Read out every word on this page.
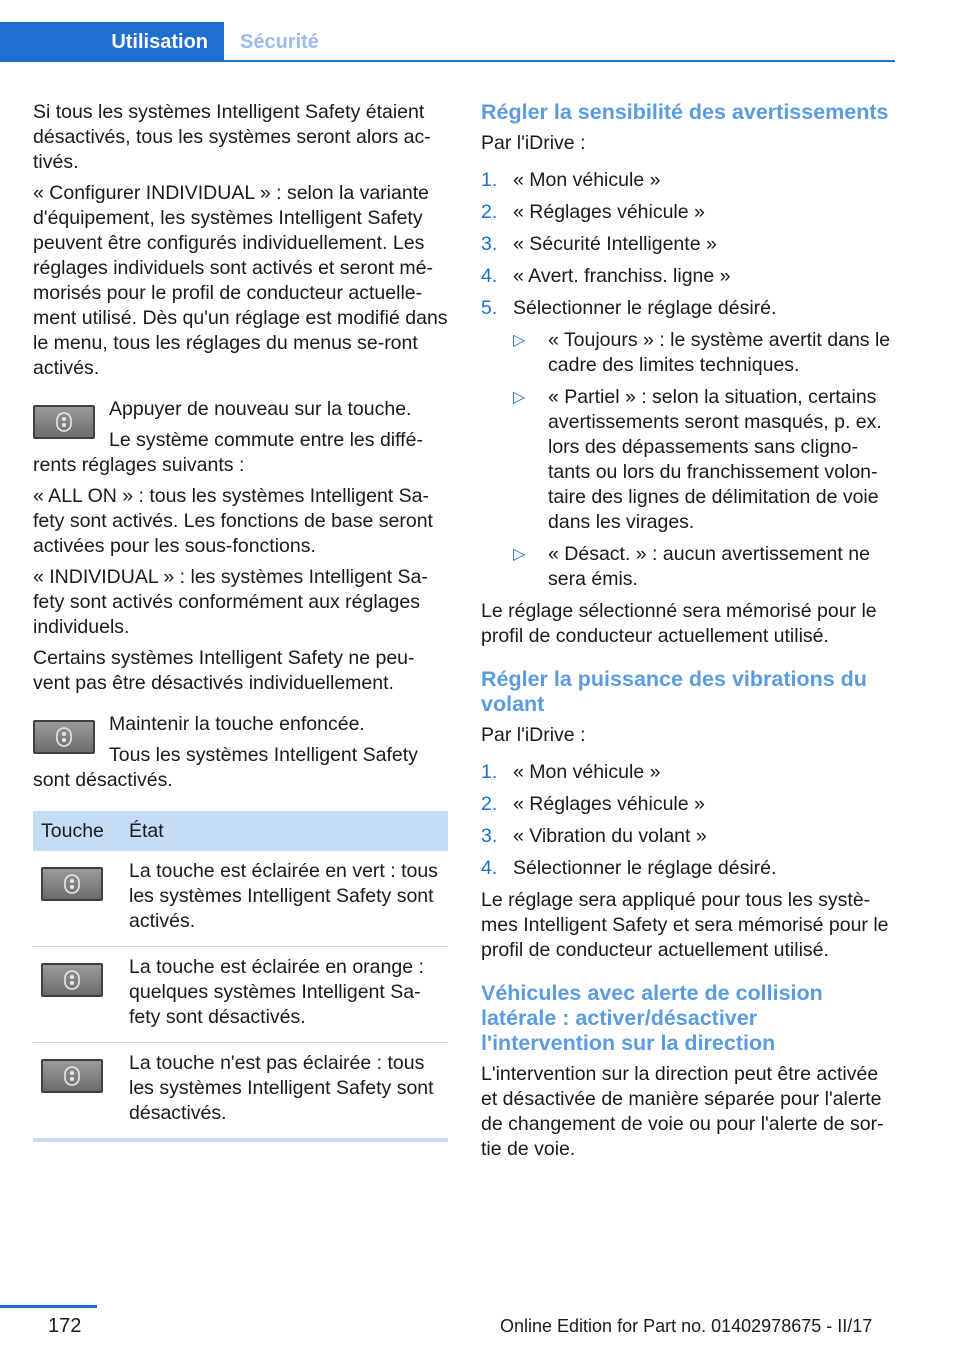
Utilisation	Sécurité

Si tous les systèmes Intelligent Safety étaient désactivés, tous les systèmes seront alors ac-tivés.

« Configurer INDIVIDUAL » : selon la variante d'équipement, les systèmes Intelligent Safety peuvent être configurés individuellement. Les réglages individuels sont activés et seront mé-morisés pour le profil de conducteur actuelle-ment utilisé. Dès qu'un réglage est modifié dans le menu, tous les réglages du menus se-ront activés.

Appuyer de nouveau sur la touche.

Le système commute entre les diffé-rents réglages suivants :

« ALL ON » : tous les systèmes Intelligent Sa-fety sont activés. Les fonctions de base seront activées pour les sous-fonctions.

« INDIVIDUAL » : les systèmes Intelligent Sa-fety sont activés conformément aux réglages individuels.

Certains systèmes Intelligent Safety ne peu-vent pas être désactivés individuellement.

Maintenir la touche enfoncée.

Tous les systèmes Intelligent Safety sont désactivés.

Touche	État

	La touche est éclairée en vert : tous les systèmes Intelligent Safety sont activés.

	La touche est éclairée en orange : quelques systèmes Intelligent Sa-fety sont désactivés.

	La touche n'est pas éclairée : tous les systèmes Intelligent Safety sont désactivés.
Régler la sensibilité des avertissements

Par l'iDrive :

1. « Mon véhicule »
2. « Réglages véhicule »
3. « Sécurité Intelligente »
4. « Avert. franchiss. ligne »
5. Sélectionner le réglage désiré.
▷ « Toujours » : le système avertit dans le cadre des limites techniques.
▷ « Partiel » : selon la situation, certains avertissements seront masqués, p. ex. lors des dépassements sans cligno-tants ou lors du franchissement volon-taire des lignes de délimitation de voie dans les virages.
▷ « Désact. » : aucun avertissement ne sera émis.

Le réglage sélectionné sera mémorisé pour le profil de conducteur actuellement utilisé.

Régler la puissance des vibrations du volant

Par l'iDrive :

1. « Mon véhicule »
2. « Réglages véhicule »
3. « Vibration du volant »
4. Sélectionner le réglage désiré.

Le réglage sera appliqué pour tous les systè-mes Intelligent Safety et sera mémorisé pour le profil de conducteur actuellement utilisé.

Véhicules avec alerte de collision latérale : activer/désactiver l'intervention sur la direction

L'intervention sur la direction peut être activée et désactivée de manière séparée pour l'alerte de changement de voie ou pour l'alerte de sor-tie de voie.

172	Online Edition for Part no. 01402978675 - II/17
